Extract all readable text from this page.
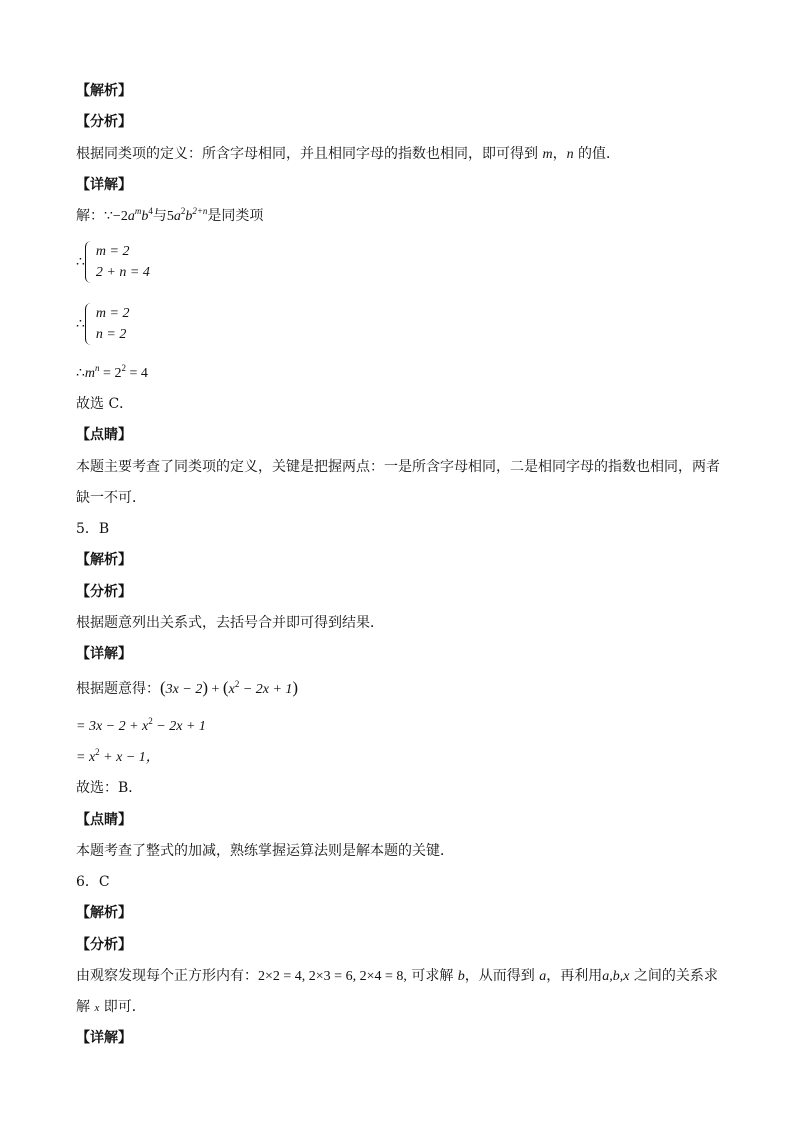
【解析】
【分析】
根据同类项的定义：所含字母相同，并且相同字母的指数也相同，即可得到 m，n 的值．
【详解】
解：$\because-2a^mb^4$与$5a^2b^{2+n}$是同类项
∴
m = 2
2 + n = 4
∴
m = 2
n = 2
$\therefore m^n = 2^2 = 4$
故选 C．
【点睛】
本题主要考查了同类项的定义，关键是把握两点：一是所含字母相同，二是相同字母的指数也相同，两者
缺一不可．
5．B
【解析】
【分析】
根据题意列出关系式，去括号合并即可得到结果．
【详解】
根据题意得：$(3x - 2) + (x^2 - 2x + 1)$
= $3x - 2 + x^2 - 2x + 1$
= $x^2 + x - 1$，
故选：B．
【点睛】
本题考查了整式的加减，熟练掌握运算法则是解本题的关键．
6．C
【解析】
【分析】
由观察发现每个正方形内有：2×2 = 4, 2×3 = 6, 2×4 = 8, 可求解 b，从而得到 a，再利用a,b,x 之间的关系求
解 x 即可．
【详解】
